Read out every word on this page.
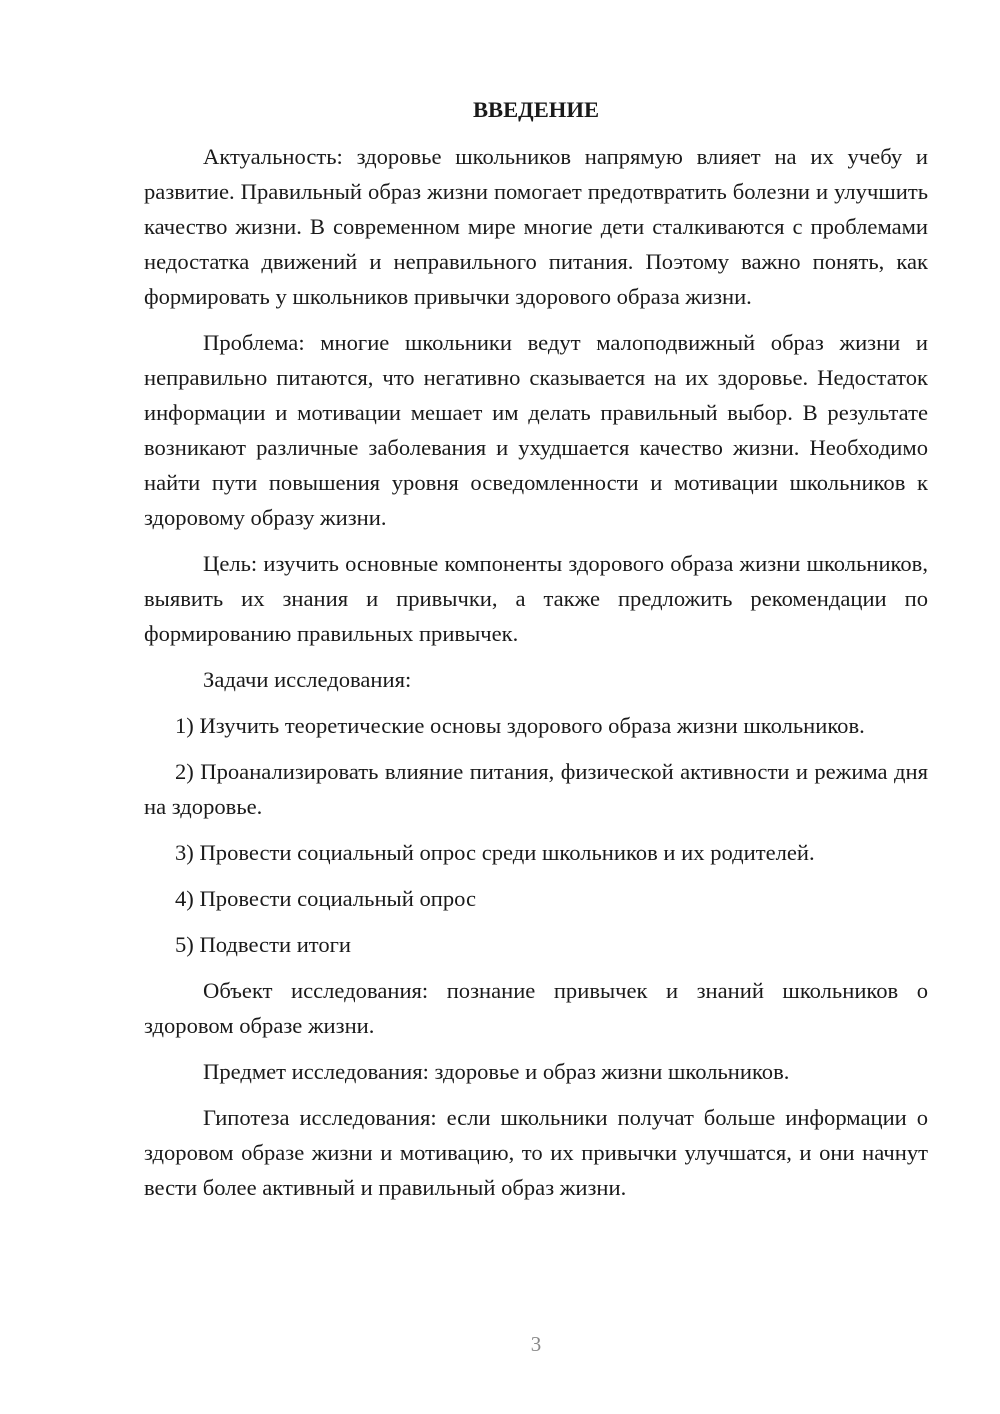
ВВЕДЕНИЕ

Актуальность: здоровье школьников напрямую влияет на их учебу и развитие. Правильный образ жизни помогает предотвратить болезни и улучшить качество жизни. В современном мире многие дети сталкиваются с проблемами недостатка движений и неправильного питания. Поэтому важно понять, как формировать у школьников привычки здорового образа жизни.

Проблема: многие школьники ведут малоподвижный образ жизни и неправильно питаются, что негативно сказывается на их здоровье. Недостаток информации и мотивации мешает им делать правильный выбор. В результате возникают различные заболевания и ухудшается качество жизни. Необходимо найти пути повышения уровня осведомленности и мотивации школьников к здоровому образу жизни.

Цель: изучить основные компоненты здорового образа жизни школьников, выявить их знания и привычки, а также предложить рекомендации по формированию правильных привычек.

Задачи исследования:

1) Изучить теоретические основы здорового образа жизни школьников.

2) Проанализировать влияние питания, физической активности и режима дня на здоровье.

3) Провести социальный опрос среди школьников и их родителей.

4) Провести социальный опрос

5) Подвести итоги

Объект исследования: познание привычек и знаний школьников о здоровом образе жизни.

Предмет исследования: здоровье и образ жизни школьников.

Гипотеза исследования: если школьники получат больше информации о здоровом образе жизни и мотивацию, то их привычки улучшатся, и они начнут вести более активный и правильный образ жизни.

3
